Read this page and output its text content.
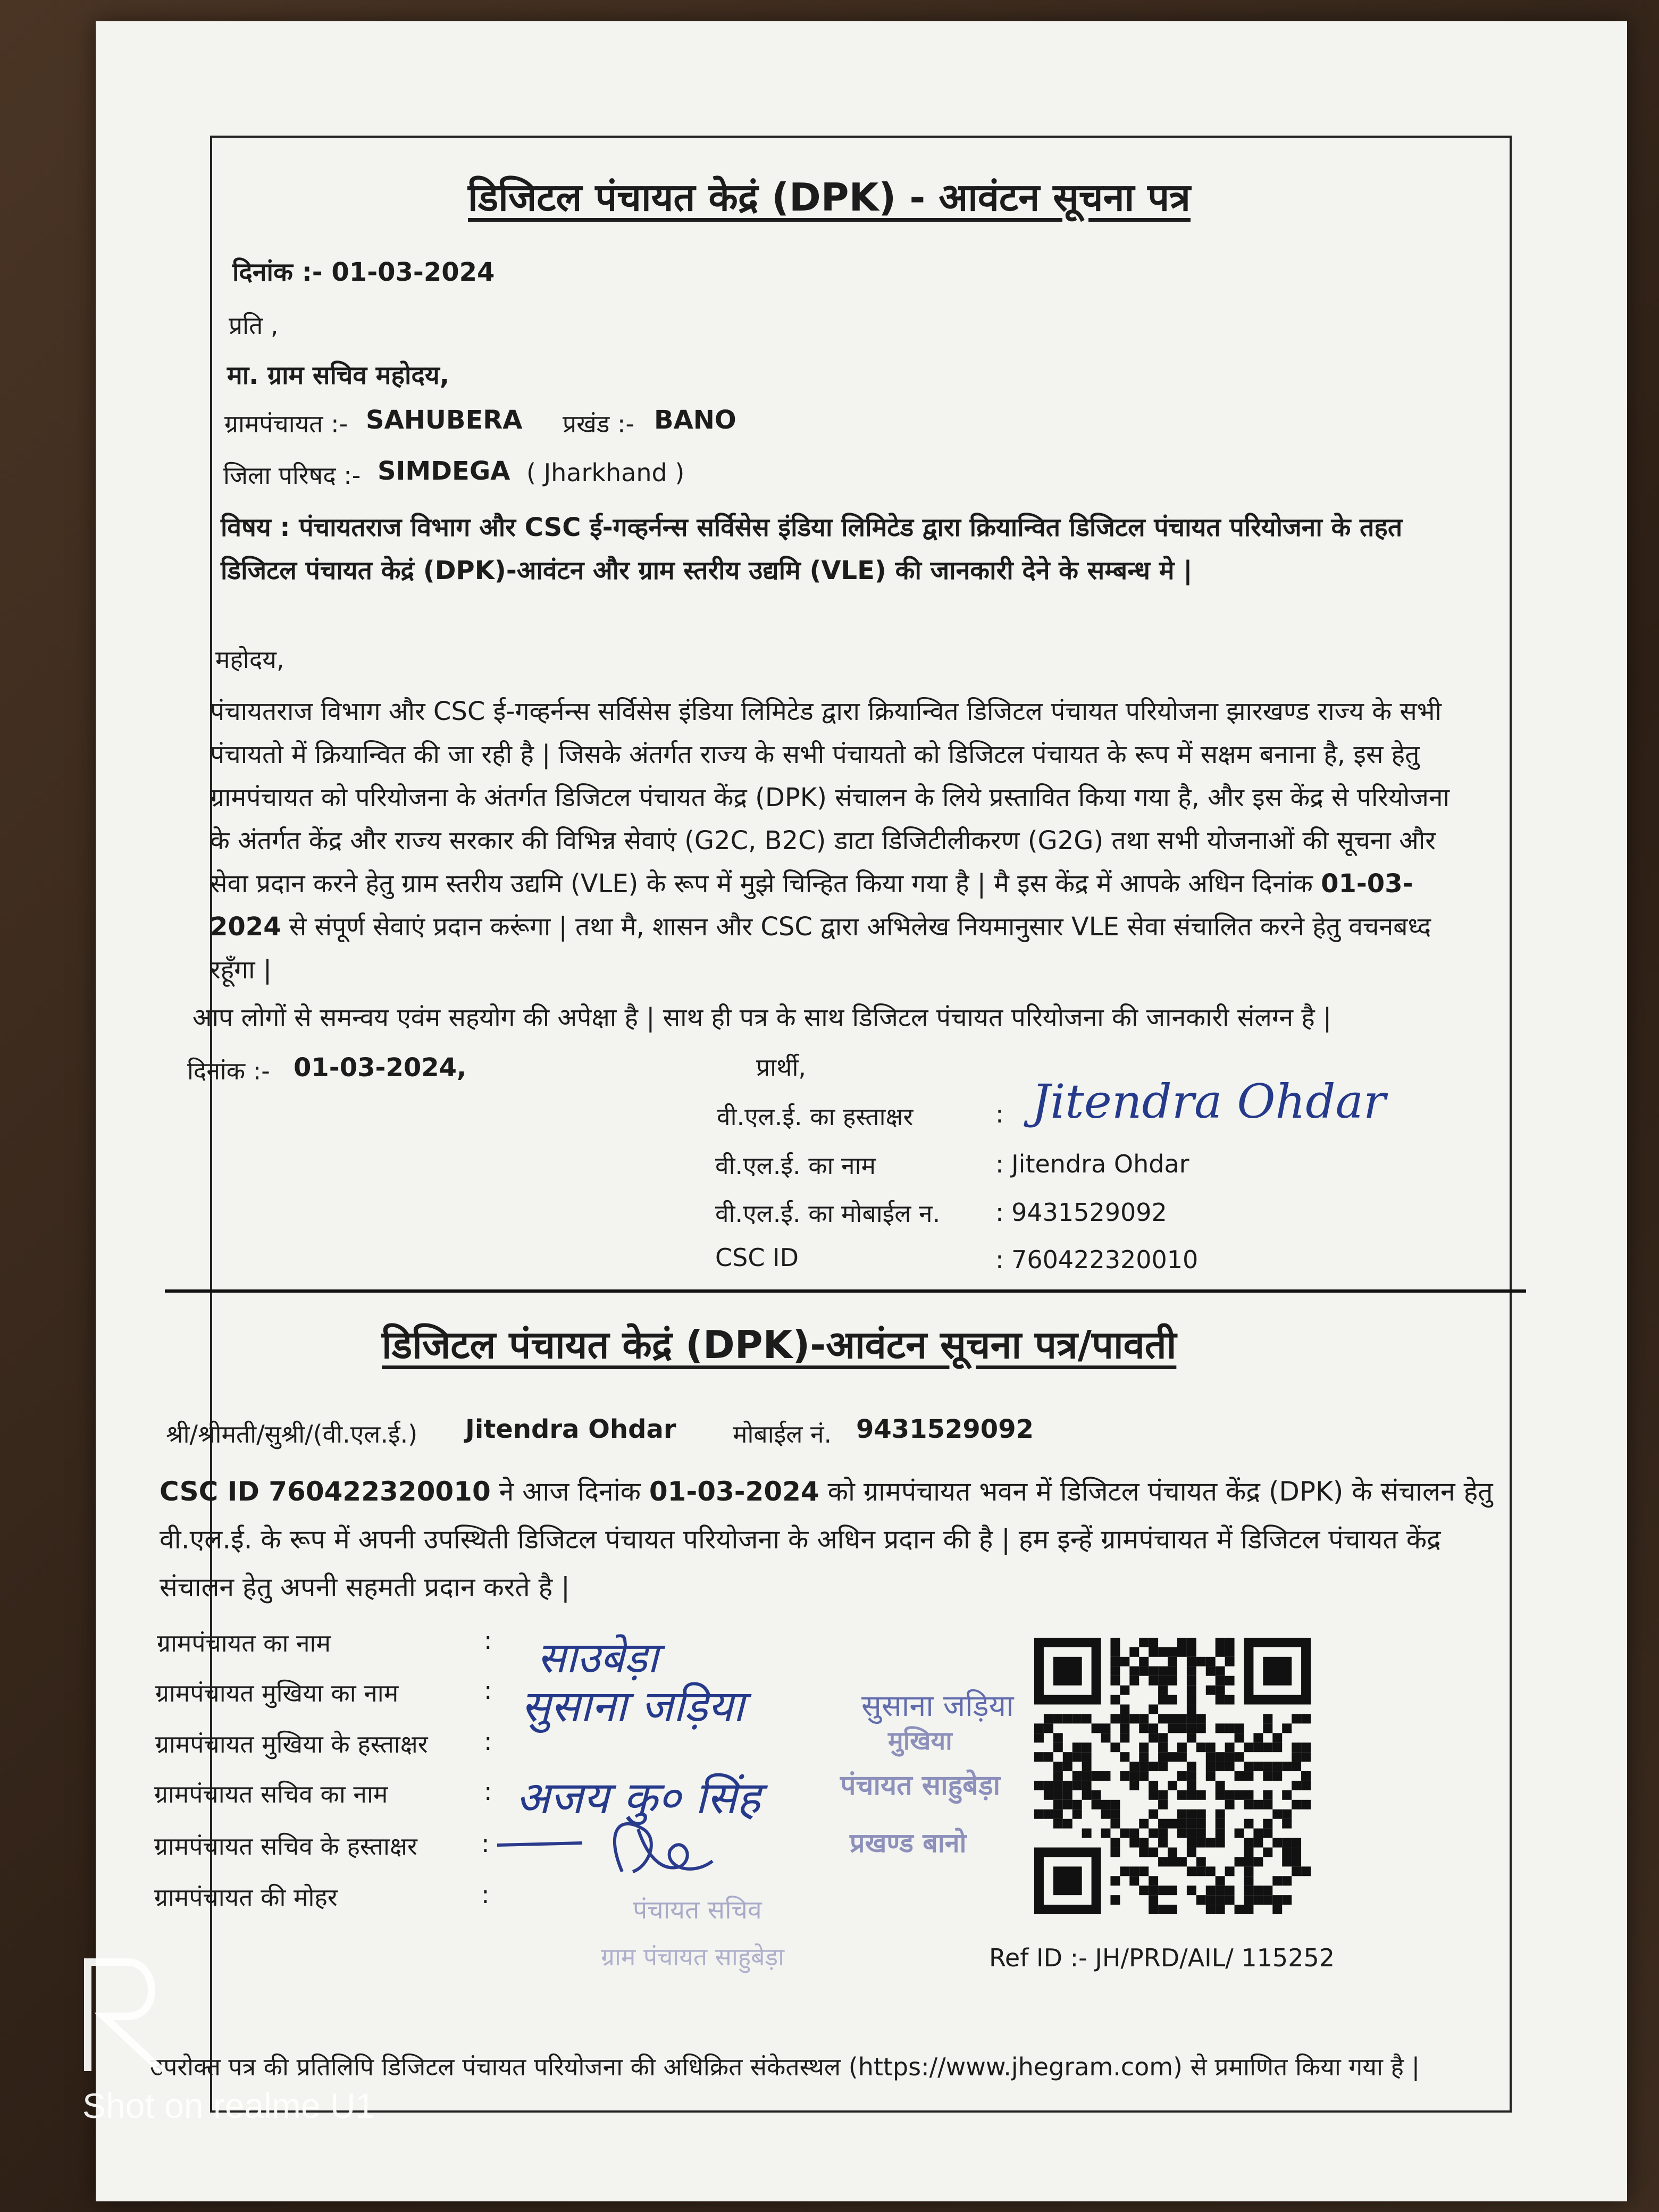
डिजिटल पंचायत केद्रं (DPK) - आवंटन सूचना पत्र
दिनांक :- 01-03-2024
प्रति ,
मा. ग्राम सचिव महोदय,
ग्रामपंचायत :- SAHUBERA प्रखंड :- BANO
जिला परिषद :- SIMDEGA ( Jharkhand )
विषय : पंचायतराज विभाग और CSC ई-गव्हर्नन्स सर्विसेस इंडिया लिमिटेड द्वारा क्रियान्वित डिजिटल पंचायत परियोजना के तहत डिजिटल पंचायत केद्रं (DPK)-आवंटन और ग्राम स्तरीय उद्यमि (VLE) की जानकारी देने के सम्बन्ध मे |
महोदय,
पंचायतराज विभाग और CSC ई-गव्हर्नन्स सर्विसेस इंडिया लिमिटेड द्वारा क्रियान्वित डिजिटल पंचायत परियोजना झारखण्ड राज्य के सभी पंचायतो में क्रियान्वित की जा रही है | जिसके अंतर्गत राज्य के सभी पंचायतो को डिजिटल पंचायत के रूप में सक्षम बनाना है, इस हेतु ग्रामपंचायत को परियोजना के अंतर्गत डिजिटल पंचायत केंद्र (DPK) संचालन के लिये प्रस्तावित किया गया है, और इस केंद्र से परियोजना के अंतर्गत केंद्र और राज्य सरकार की विभिन्न सेवाएं (G2C, B2C) डाटा डिजिटीलीकरण (G2G) तथा सभी योजनाओं की सूचना और सेवा प्रदान करने हेतु ग्राम स्तरीय उद्यमि (VLE) के रूप में मुझे चिन्हित किया गया है | मै इस केंद्र में आपके अधिन दिनांक 01-03-2024 से संपूर्ण सेवाएं प्रदान करूंगा | तथा मै, शासन और CSC द्वारा अभिलेख नियमानुसार VLE सेवा संचालित करने हेतु वचनबध्द रहूँगा |
आप लोगों से समन्वय एवंम सहयोग की अपेक्षा है | साथ ही पत्र के साथ डिजिटल पंचायत परियोजना की जानकारी संलग्न है |
दिनांक :- 01-03-2024,	प्रार्थी,
वी.एल.ई. का हस्ताक्षर	: Jitendra Ohdar
वी.एल.ई. का नाम	: Jitendra Ohdar
वी.एल.ई. का मोबाईल न. : 9431529092
CSC ID	: 760422320010
डिजिटल पंचायत केद्रं (DPK)-आवंटन सूचना पत्र/पावती
श्री/श्रीमती/सुश्री/(वी.एल.ई.) Jitendra Ohdar मोबाईल नं. 9431529092
CSC ID 760422320010 ने आज दिनांक 01-03-2024 को ग्रामपंचायत भवन में डिजिटल पंचायत केंद्र (DPK) के संचालन हेतु वी.एल.ई. के रूप में अपनी उपस्थिती डिजिटल पंचायत परियोजना के अधिन प्रदान की है | हम इन्हें ग्रामपंचायत में डिजिटल पंचायत केंद्र संचालन हेतु अपनी सहमती प्रदान करते है |
ग्रामपंचायत का नाम	: साउबेड़ा
ग्रामपंचायत मुखिया का नाम	: सुसाना जड़िया
ग्रामपंचायत मुखिया के हस्ताक्षर :
ग्रामपंचायत सचिव का नाम	: अजय कु० सिंह
ग्रामपंचायत सचिव के हस्ताक्षर	:
ग्रामपंचायत की मोहर	:
सुसाना जड़िया
मुखिया
पंचायत साहुबेड़ा
प्रखण्ड बानो
पंचायत सचिव
ग्राम पंचायत साहुबेड़ा	Ref ID :- JH/PRD/AIL/ 115252
उपरोक्त पत्र की प्रतिलिपि डिजिटल पंचायत परियोजना की अधिक्रित संकेतस्थल (https://www.jhegram.com) से प्रमाणित किया गया है |
Shot on realme U1
